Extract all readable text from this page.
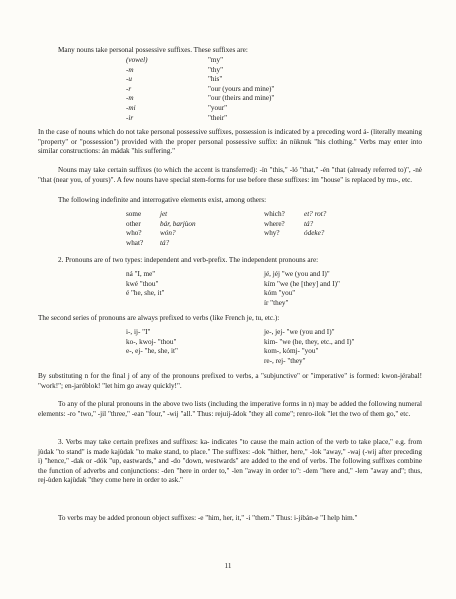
Many nouns take personal possessive suffixes. These suffixes are:
(vowel)	"my"
-m	"thy"
-u	"his"
-r	"our (yours and mine)"
-m	"our (theirs and mine)"
-mi	"your"
-ir	"their"
In the case of nouns which do not take personal possessive suffixes, possession is indicated by a preceding word á- (literally meaning "property" or "possession") provided with the proper personal possessive suffix: án nüknuk "his clothing." Verbs may enter into similar constructions: án mádak "his suffering."
Nouns may take certain suffixes (to which the accent is transferred): -ín "this," -ló "that," -én "that (already referred to)", -nè "that (near you, of yours)". A few nouns have special stem-forms for use before these suffixes: ím "house" is replaced by mu-, etc.
The following indefinite and interrogative elements exist, among others:
some	jet	which?	et? rot?
other	bár, barjùon	where?	tá?
who?	wón?	why?	ódeke?
what?	tá?		
2. Pronouns are of two types: independent and verb-prefix. The independent pronouns are:
ná "I, me"	jé, jéj "we (you and I)"
kwé "thou"	kím "we (he [they] and I)"
é "he, she, it"	kóm "you"
	ír "they"
The second series of pronouns are always prefixed to verbs (like French je, tu, etc.):
i-, ij- "I"	je-, jej- "we (you and I)"
ko-, kwoj- "thou"	kim- "we (he, they, etc., and I)"
e-, ej- "he, she, it"	kom-, kómj- "you"
	re-, rej- "they"
By substituting n for the final j of any of the pronouns prefixed to verbs, a "subjunctive" or "imperative" is formed: kwon-jérabal! "work!"; en-jaróblok! "let him go away quickly!".
To any of the plural pronouns in the above two lists (including the imperative forms in n) may be added the following numeral elements: -ro "two," -jil "three," -ean "four," -wij "all." Thus: rejuij-ádok "they all come"; renro-ilok "let the two of them go," etc.
3. Verbs may take certain prefixes and suffixes: ka- indicates "to cause the main action of the verb to take place," e.g. from jùdak "to stand" is made kajùdak "to make stand, to place." The suffixes: -dok "hither, here," -lok "away," -waj (-wij after preceding i) "hence," -dak or -dók "up, eastwards," and -do "down, westwards" are added to the end of verbs. The following suffixes combine the function of adverbs and conjunctions: -den "here in order to," -len "away in order to": -dem "here and," -lem "away and"; thus, rej-ùden kajùdak "they come here in order to ask."
To verbs may be added pronoun object suffixes: -e "him, her, it," -i "them." Thus: i-jibán-e "I help him."
11
